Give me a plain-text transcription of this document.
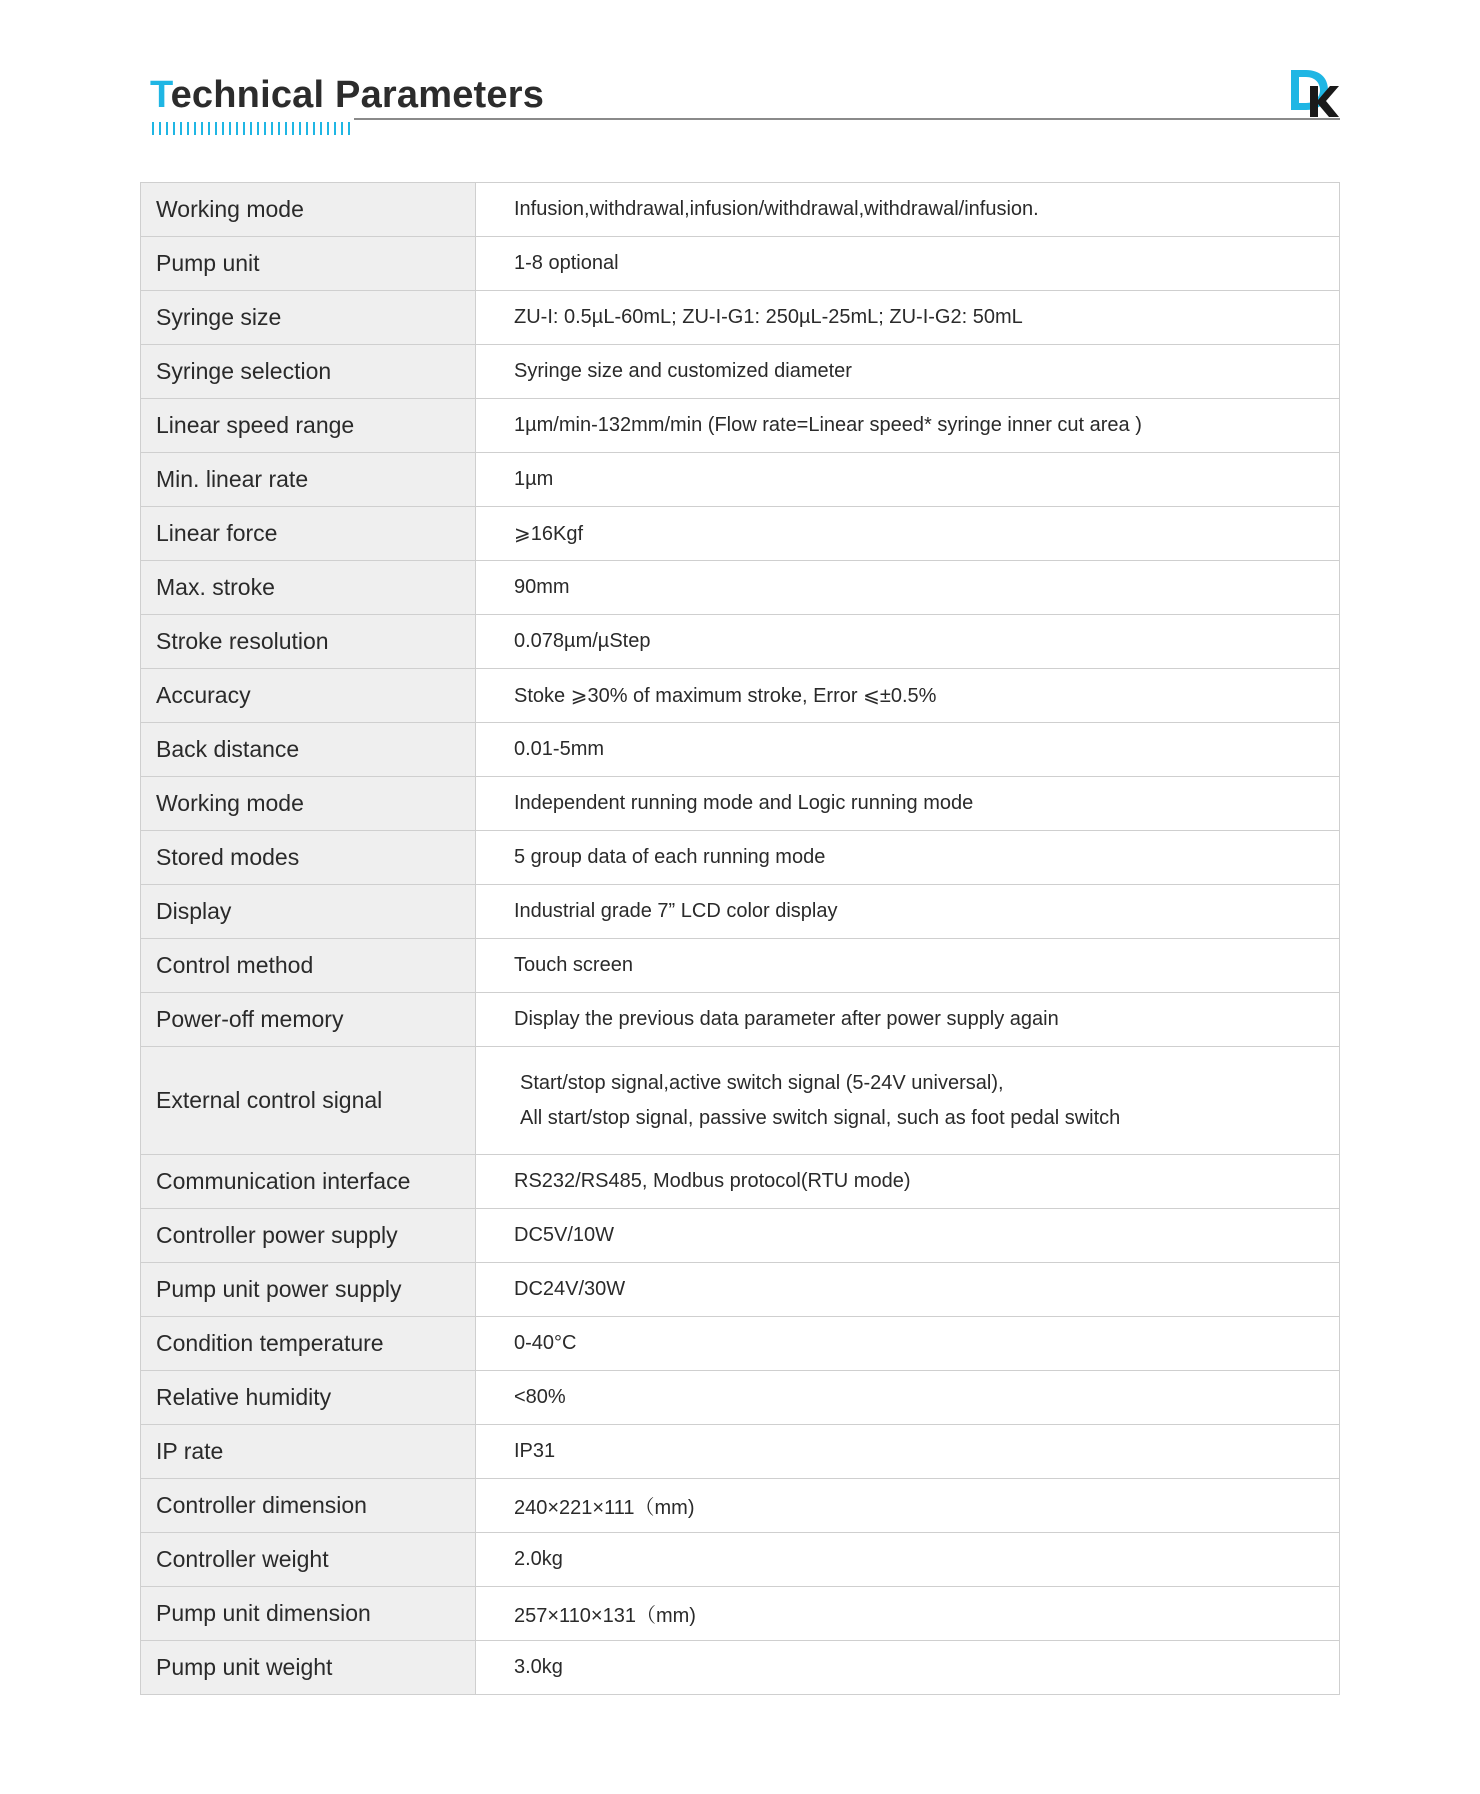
Technical Parameters
Working mode	Infusion,withdrawal,infusion/withdrawal,withdrawal/infusion.
Pump unit	1-8 optional
Syringe size	ZU-I: 0.5µL-60mL; ZU-I-G1: 250µL-25mL; ZU-I-G2: 50mL
Syringe selection	Syringe size and customized diameter
Linear speed range	1µm/min-132mm/min (Flow rate=Linear speed* syringe inner cut area )
Min. linear rate	1µm
Linear force	⩾16Kgf
Max. stroke	90mm
Stroke resolution	0.078µm/µStep
Accuracy	Stoke ⩾30% of maximum stroke, Error ⩽±0.5%
Back distance	0.01-5mm
Working mode	Independent running mode and Logic running mode
Stored modes	5 group data of each running mode
Display	Industrial grade 7” LCD color display
Control method	Touch screen
Power-off memory	Display the previous data parameter after power supply again
External control signal	Start/stop signal,active switch signal (5-24V universal),
All start/stop signal, passive switch signal, such as foot pedal switch

Communication interface	RS232/RS485, Modbus protocol(RTU mode)
Controller power supply	DC5V/10W
Pump unit power supply	DC24V/30W
Condition temperature	0-40°C
Relative humidity	<80%
IP rate	IP31
Controller dimension	240×221×111（mm)
Controller weight	2.0kg
Pump unit dimension	257×110×131（mm)
Pump unit weight	3.0kg
